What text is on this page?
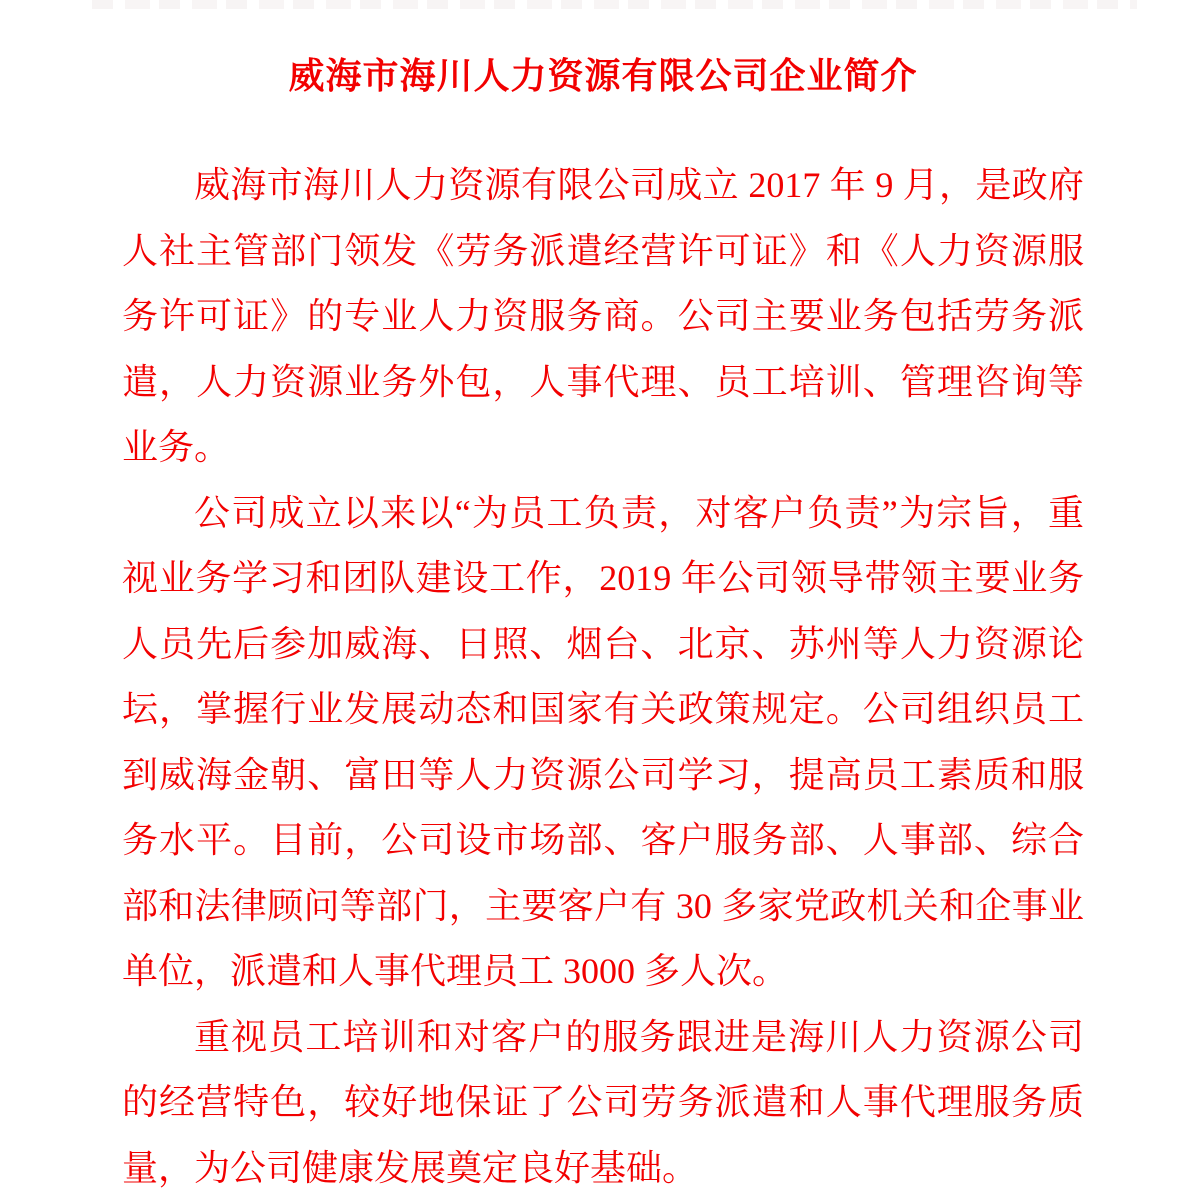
威海市海川人力资源有限公司企业简介

威海市海川人力资源有限公司成立 2017 年 9 月，是政府人社主管部门领发《劳务派遣经营许可证》和《人力资源服务许可证》的专业人力资服务商。公司主要业务包括劳务派遣，人力资源业务外包，人事代理、员工培训、管理咨询等业务。

公司成立以来以“为员工负责，对客户负责”为宗旨，重视业务学习和团队建设工作，2019 年公司领导带领主要业务人员先后参加威海、日照、烟台、北京、苏州等人力资源论坛，掌握行业发展动态和国家有关政策规定。公司组织员工到威海金朝、富田等人力资源公司学习，提高员工素质和服务水平。目前，公司设市场部、客户服务部、人事部、综合部和法律顾问等部门，主要客户有 30 多家党政机关和企事业单位，派遣和人事代理员工 3000 多人次。

重视员工培训和对客户的服务跟进是海川人力资源公司的经营特色，较好地保证了公司劳务派遣和人事代理服务质量，为公司健康发展奠定良好基础。
